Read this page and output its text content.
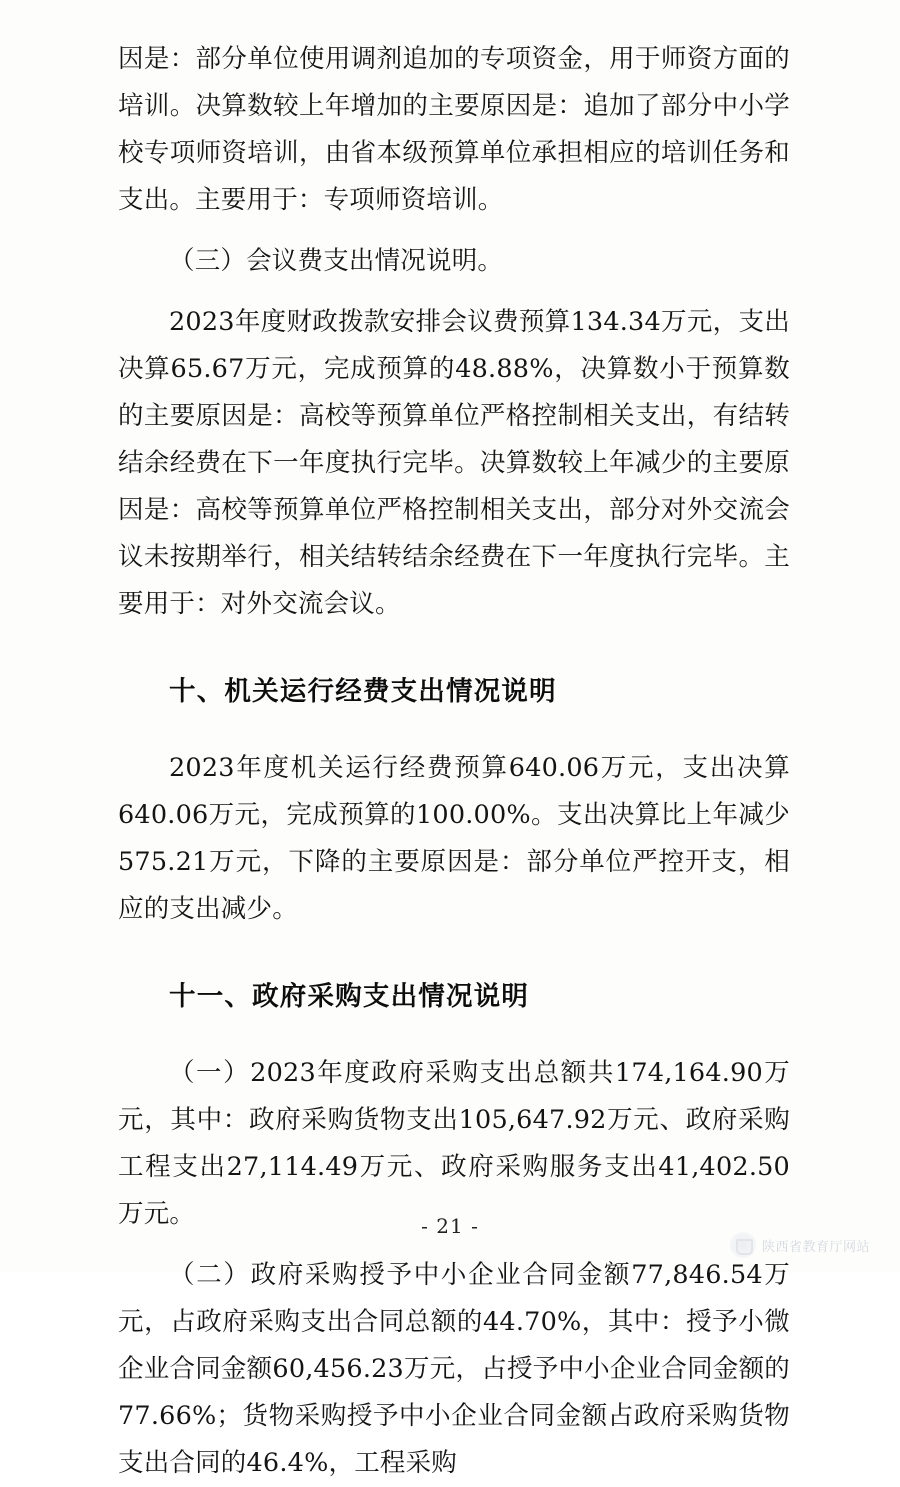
因是：部分单位使用调剂追加的专项资金，用于师资方面的培训。决算数较上年增加的主要原因是：追加了部分中小学校专项师资培训，由省本级预算单位承担相应的培训任务和支出。主要用于：专项师资培训。

（三）会议费支出情况说明。

2023年度财政拨款安排会议费预算134.34万元，支出决算65.67万元，完成预算的48.88%，决算数小于预算数的主要原因是：高校等预算单位严格控制相关支出，有结转结余经费在下一年度执行完毕。决算数较上年减少的主要原因是：高校等预算单位严格控制相关支出，部分对外交流会议未按期举行，相关结转结余经费在下一年度执行完毕。主要用于：对外交流会议。

十、机关运行经费支出情况说明

2023年度机关运行经费预算640.06万元，支出决算640.06万元，完成预算的100.00%。支出决算比上年减少575.21万元，下降的主要原因是：部分单位严控开支，相应的支出减少。

十一、政府采购支出情况说明

（一）2023年度政府采购支出总额共174,164.90万元，其中：政府采购货物支出105,647.92万元、政府采购工程支出27,114.49万元、政府采购服务支出41,402.50万元。

（二）政府采购授予中小企业合同金额77,846.54万元，占政府采购支出合同总额的44.70%，其中：授予小微企业合同金额60,456.23万元，占授予中小企业合同金额的77.66%；货物采购授予中小企业合同金额占政府采购货物支出合同的46.4%，工程采购

- 21 -
陕西省教育厅网站
